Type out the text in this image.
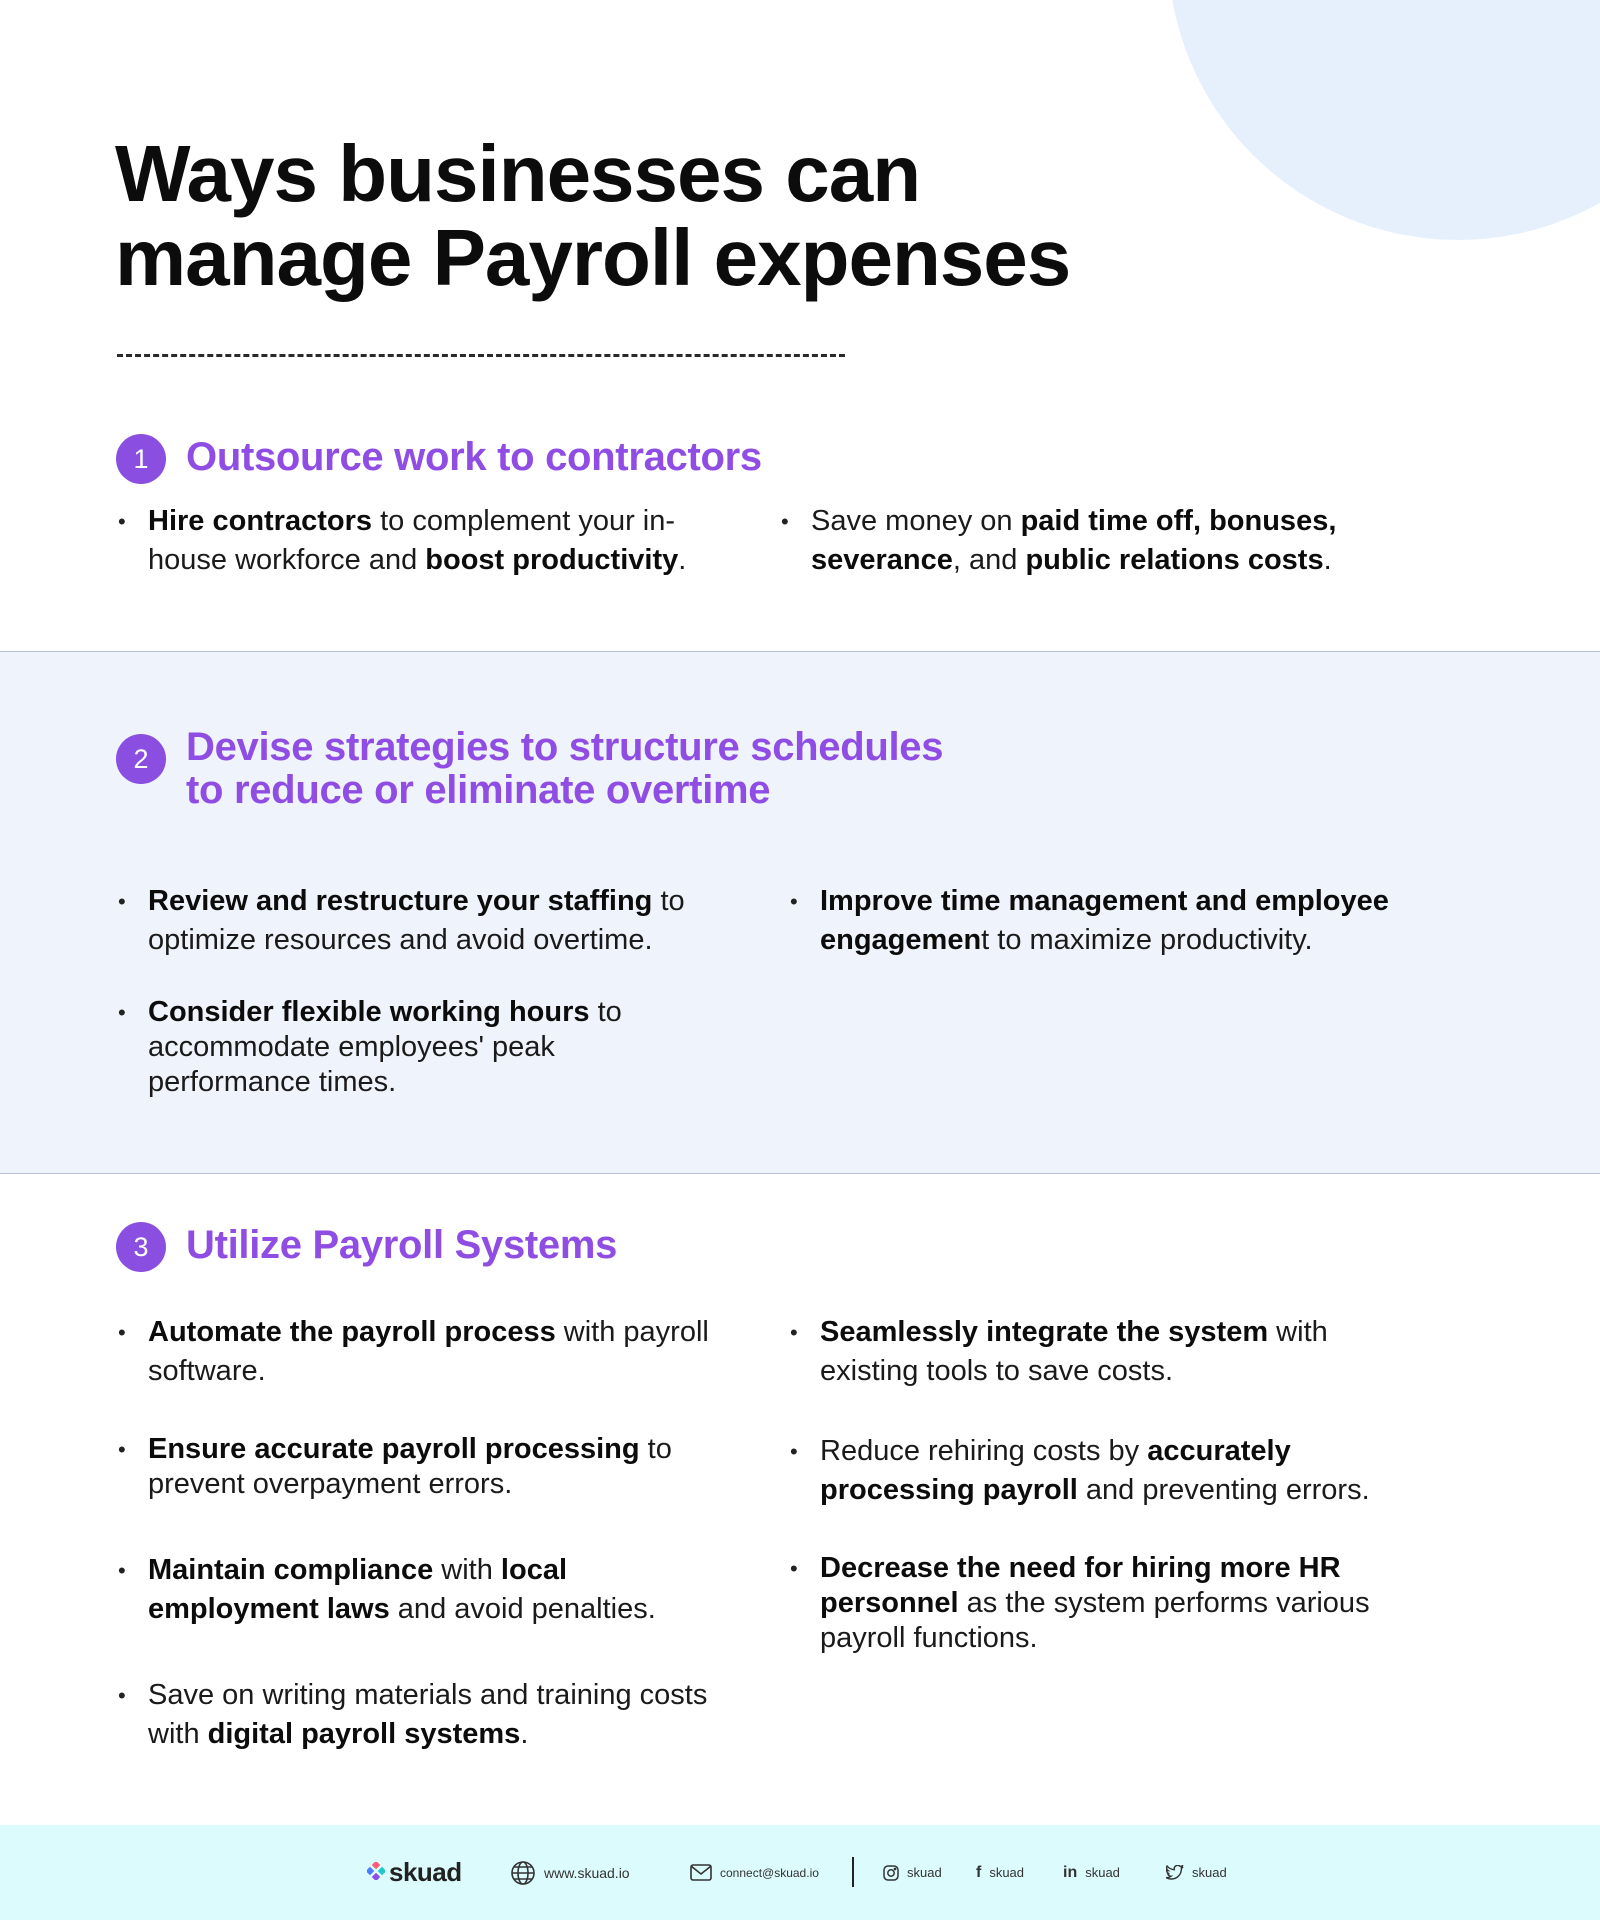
Ways businesses can
manage Payroll expenses
1 Outsource work to contractors

• Hire contractors to complement your in-house workforce and boost productivity.

• Save money on paid time off, bonuses, severance, and public relations costs.

2 Devise strategies to structure schedules
to reduce or eliminate overtime

• Review and restructure your staffing to optimize resources and avoid overtime.

• Improve time management and employee engagement to maximize productivity.

• Consider flexible working hours to accommodate employees' peak performance times.

3 Utilize Payroll Systems

• Automate the payroll process with payroll software.

• Seamlessly integrate the system with existing tools to save costs.

• Ensure accurate payroll processing to prevent overpayment errors.

• Reduce rehiring costs by accurately processing payroll and preventing errors.

• Maintain compliance with local employment laws and avoid penalties.

• Decrease the need for hiring more HR personnel as the system performs various payroll functions.

• Save on writing materials and training costs with digital payroll systems.

skuad	www.skuad.io	connect@skuad.io	skuad f skuad in skuad	skuad
